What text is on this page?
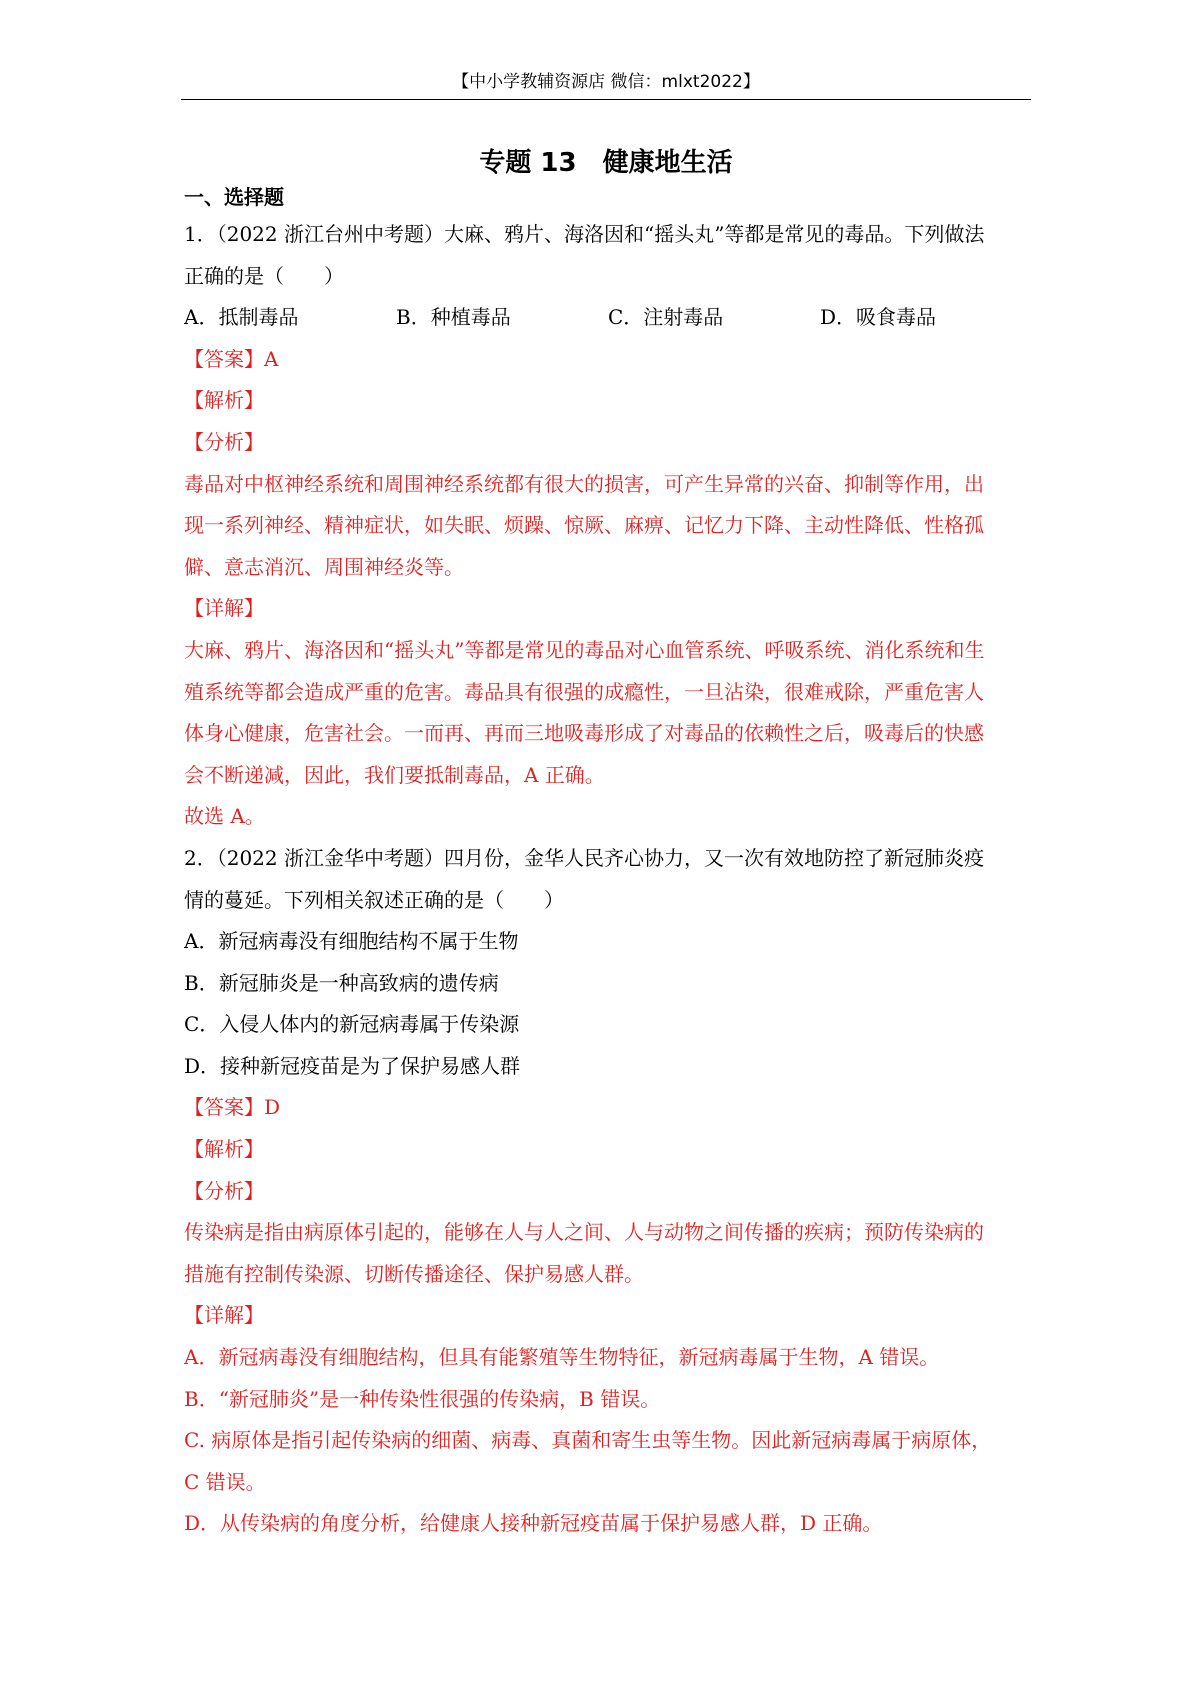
【中小学教辅资源店 微信：mlxt2022】
专题 13　健康地生活
一、选择题
1．（2022 浙江台州中考题）大麻、鸦片、海洛因和“摇头丸”等都是常见的毒品。下列做法
正确的是（　　）
A．抵制毒品	B．种植毒品	C．注射毒品	D．吸食毒品
【答案】A
【解析】
【分析】
毒品对中枢神经系统和周围神经系统都有很大的损害，可产生异常的兴奋、抑制等作用，出
现一系列神经、精神症状，如失眠、烦躁、惊厥、麻痹、记忆力下降、主动性降低、性格孤
僻、意志消沉、周围神经炎等。
【详解】
大麻、鸦片、海洛因和“摇头丸”等都是常见的毒品对心血管系统、呼吸系统、消化系统和生
殖系统等都会造成严重的危害。毒品具有很强的成瘾性，一旦沾染，很难戒除，严重危害人
体身心健康，危害社会。一而再、再而三地吸毒形成了对毒品的依赖性之后，吸毒后的快感
会不断递减，因此，我们要抵制毒品，A 正确。
故选 A。
2．（2022 浙江金华中考题）四月份，金华人民齐心协力，又一次有效地防控了新冠肺炎疫
情的蔓延。下列相关叙述正确的是（　　）
A．新冠病毒没有细胞结构不属于生物
B．新冠肺炎是一种高致病的遗传病
C．入侵人体内的新冠病毒属于传染源
D．接种新冠疫苗是为了保护易感人群
【答案】D
【解析】
【分析】
传染病是指由病原体引起的，能够在人与人之间、人与动物之间传播的疾病；预防传染病的
措施有控制传染源、切断传播途径、保护易感人群。
【详解】
A．新冠病毒没有细胞结构，但具有能繁殖等生物特征，新冠病毒属于生物，A 错误。
B．“新冠肺炎”是一种传染性很强的传染病，B 错误。
C. 病原体是指引起传染病的细菌、病毒、真菌和寄生虫等生物。因此新冠病毒属于病原体，
C 错误。
D．从传染病的角度分析，给健康人接种新冠疫苗属于保护易感人群，D 正确。
